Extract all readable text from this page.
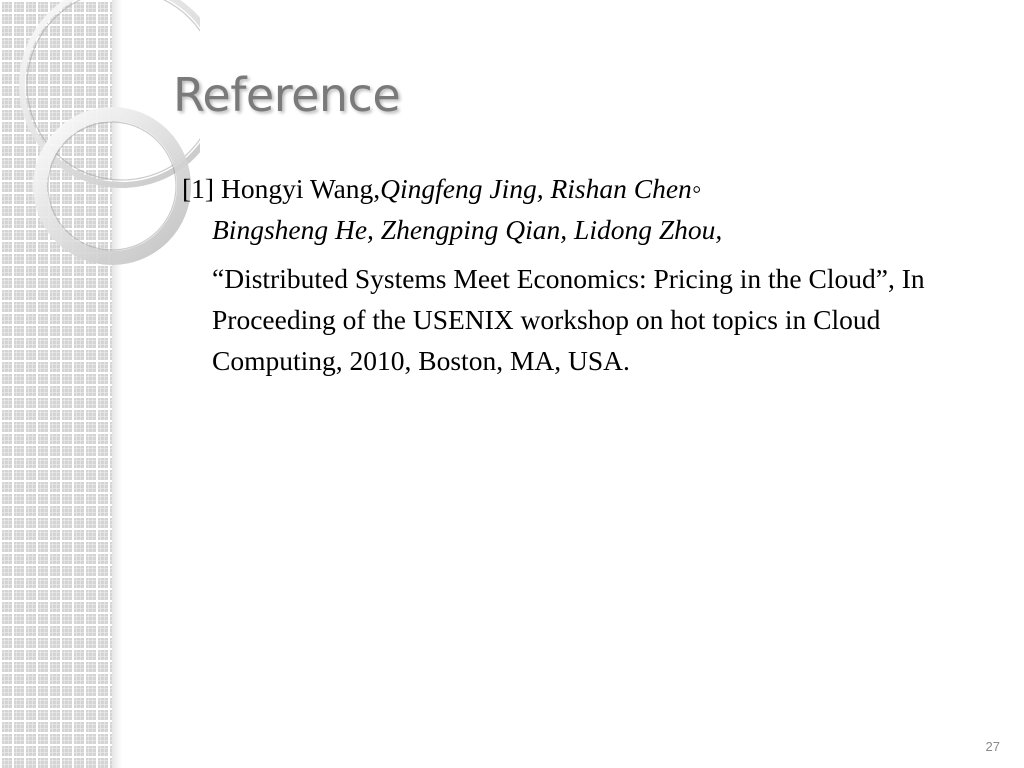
Reference
[1] Hongyi Wang,Qingfeng Jing, Rishan Chen◦
Bingsheng He, Zhengping Qian, Lidong Zhou,
“Distributed Systems Meet Economics: Pricing in the Cloud”, In Proceeding of the USENIX workshop on hot topics in Cloud Computing, 2010, Boston, MA, USA.
27
